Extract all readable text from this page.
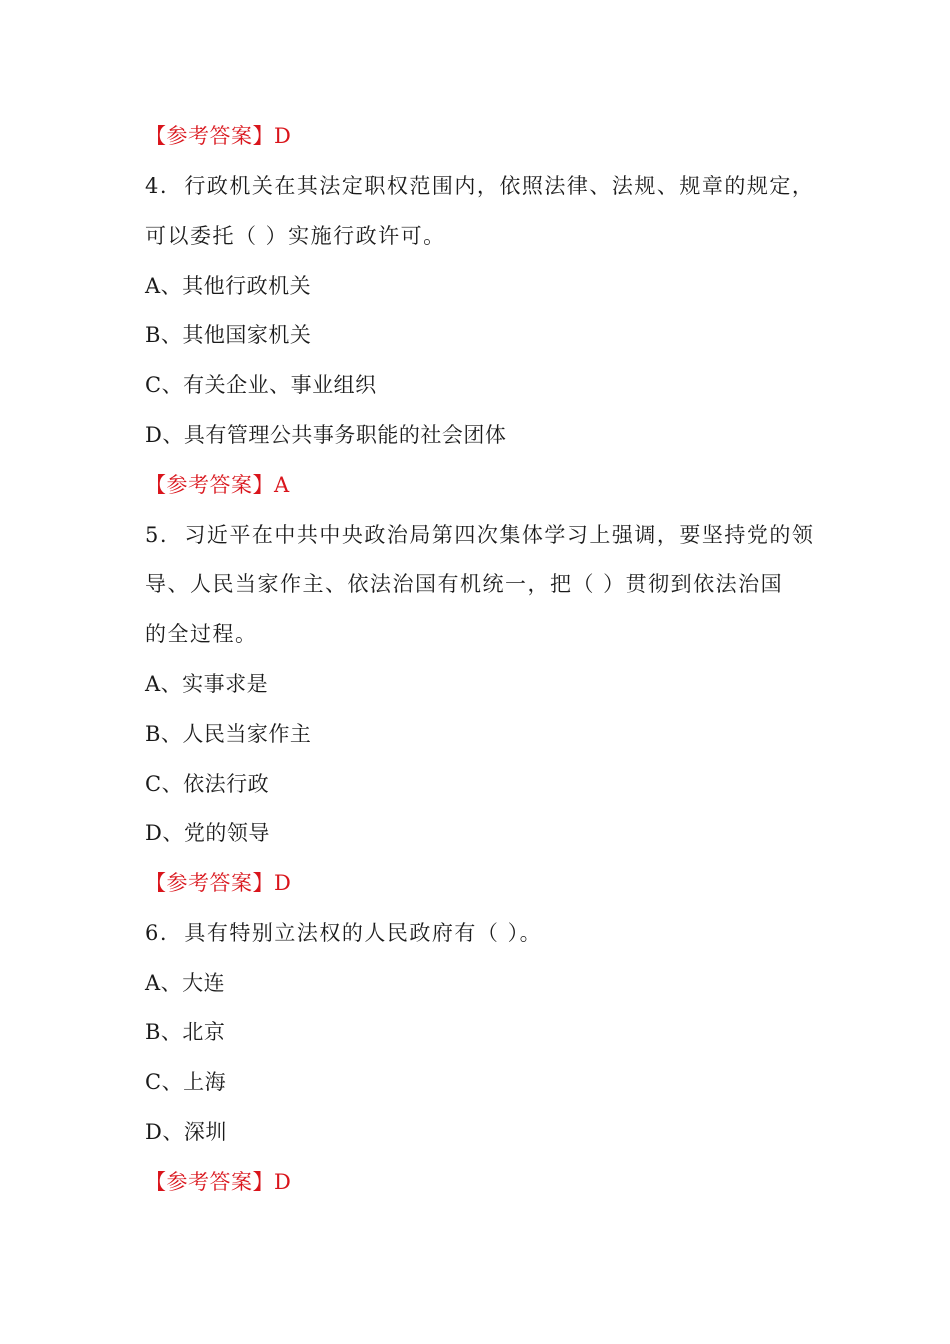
【参考答案】D
4. 行政机关在其法定职权范围内，依照法律、法规、规章的规定，
可以委托（ ）实施行政许可。
A、其他行政机关
B、其他国家机关
C、有关企业、事业组织
D、具有管理公共事务职能的社会团体
【参考答案】A
5. 习近平在中共中央政治局第四次集体学习上强调，要坚持党的领
导、人民当家作主、依法治国有机统一，把（ ）贯彻到依法治国
的全过程。
A、实事求是
B、人民当家作主
C、依法行政
D、党的领导
【参考答案】D
6. 具有特别立法权的人民政府有（ ）。
A、大连
B、北京
C、上海
D、深圳
【参考答案】D
